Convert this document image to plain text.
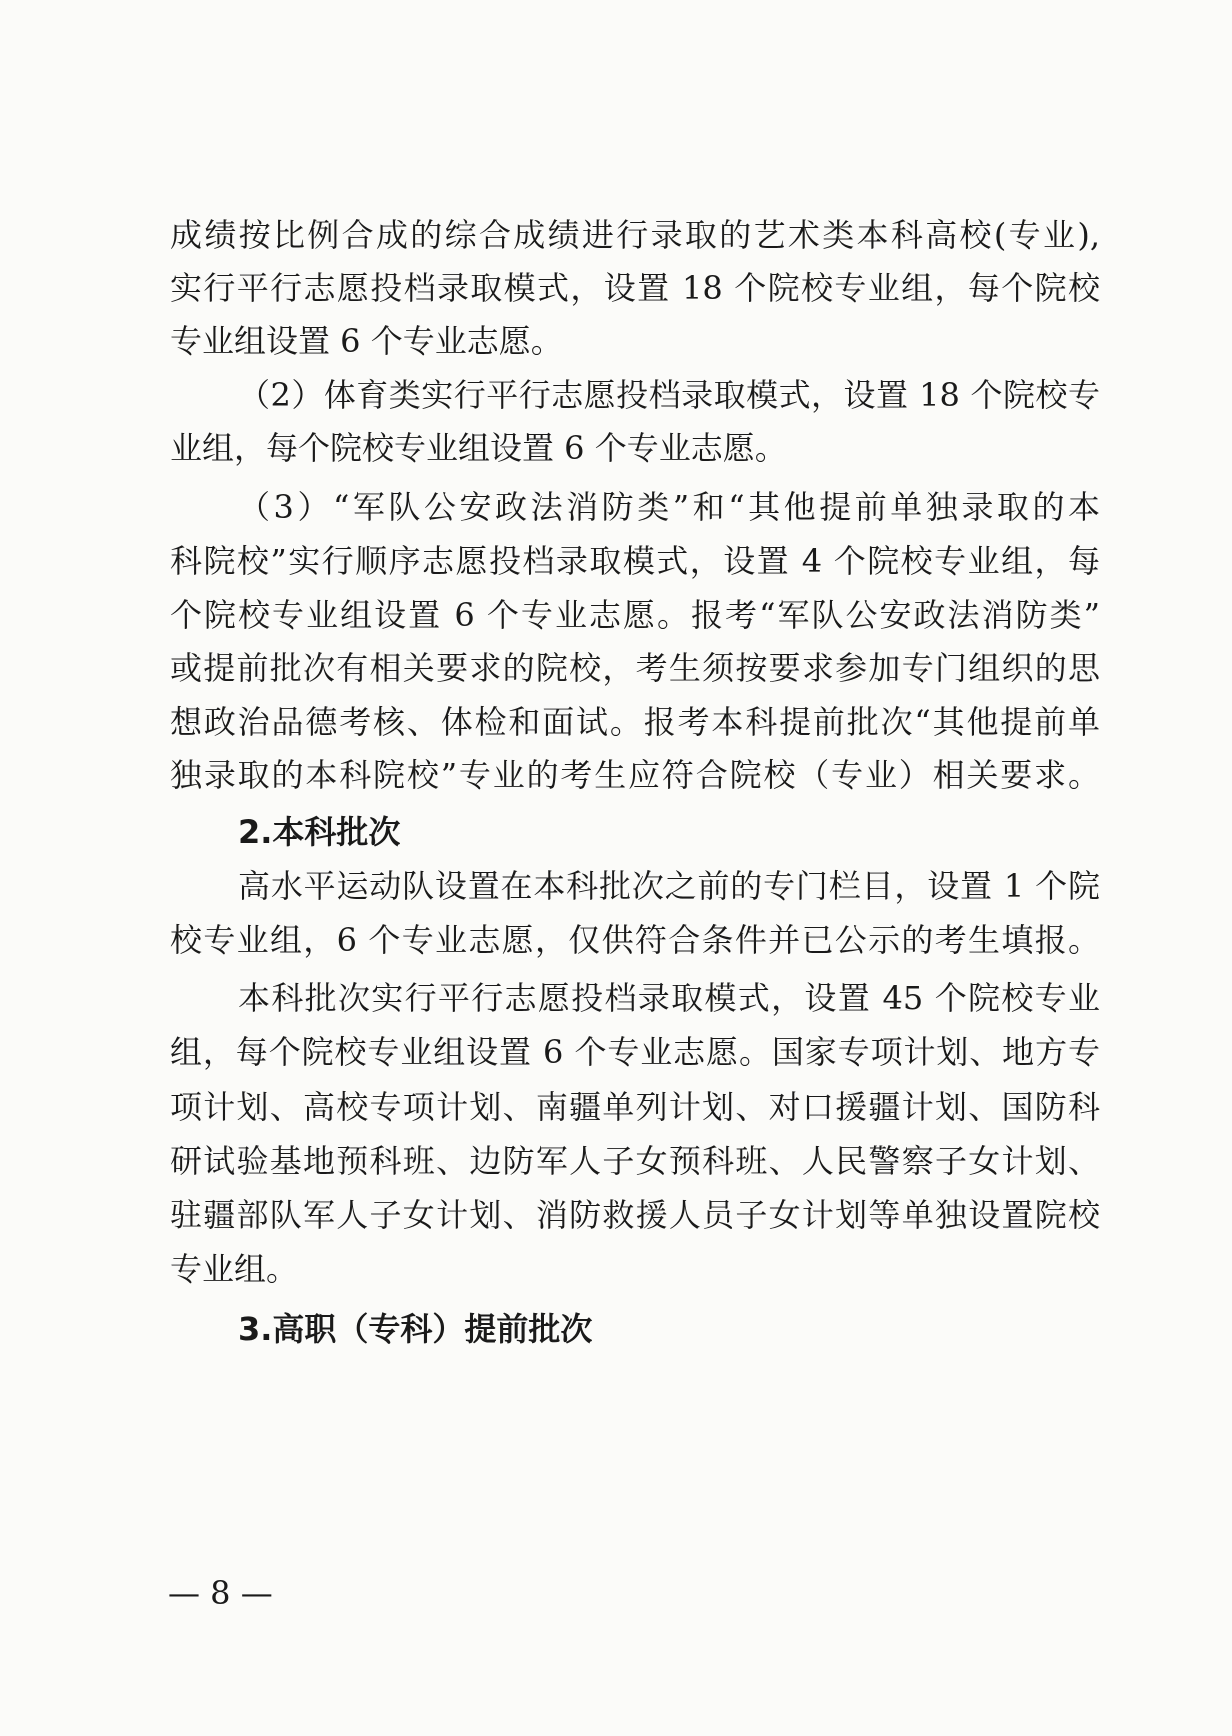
成绩按比例合成的综合成绩进行录取的艺术类本科高校(专业),
实行平行志愿投档录取模式，设置 18 个院校专业组，每个院校
专业组设置 6 个专业志愿。
（2）体育类实行平行志愿投档录取模式，设置 18 个院校专
业组，每个院校专业组设置 6 个专业志愿。
（3）“军队公安政法消防类”和“其他提前单独录取的本
科院校”实行顺序志愿投档录取模式，设置 4 个院校专业组，每
个院校专业组设置 6 个专业志愿。报考“军队公安政法消防类”
或提前批次有相关要求的院校，考生须按要求参加专门组织的思
想政治品德考核、体检和面试。报考本科提前批次“其他提前单
独录取的本科院校”专业的考生应符合院校（专业）相关要求。
2.本科批次
高水平运动队设置在本科批次之前的专门栏目，设置 1 个院
校专业组，6 个专业志愿，仅供符合条件并已公示的考生填报。
本科批次实行平行志愿投档录取模式，设置 45 个院校专业
组，每个院校专业组设置 6 个专业志愿。国家专项计划、地方专
项计划、高校专项计划、南疆单列计划、对口援疆计划、国防科
研试验基地预科班、边防军人子女预科班、人民警察子女计划、
驻疆部队军人子女计划、消防救援人员子女计划等单独设置院校
专业组。
3.高职（专科）提前批次
— 8 —
